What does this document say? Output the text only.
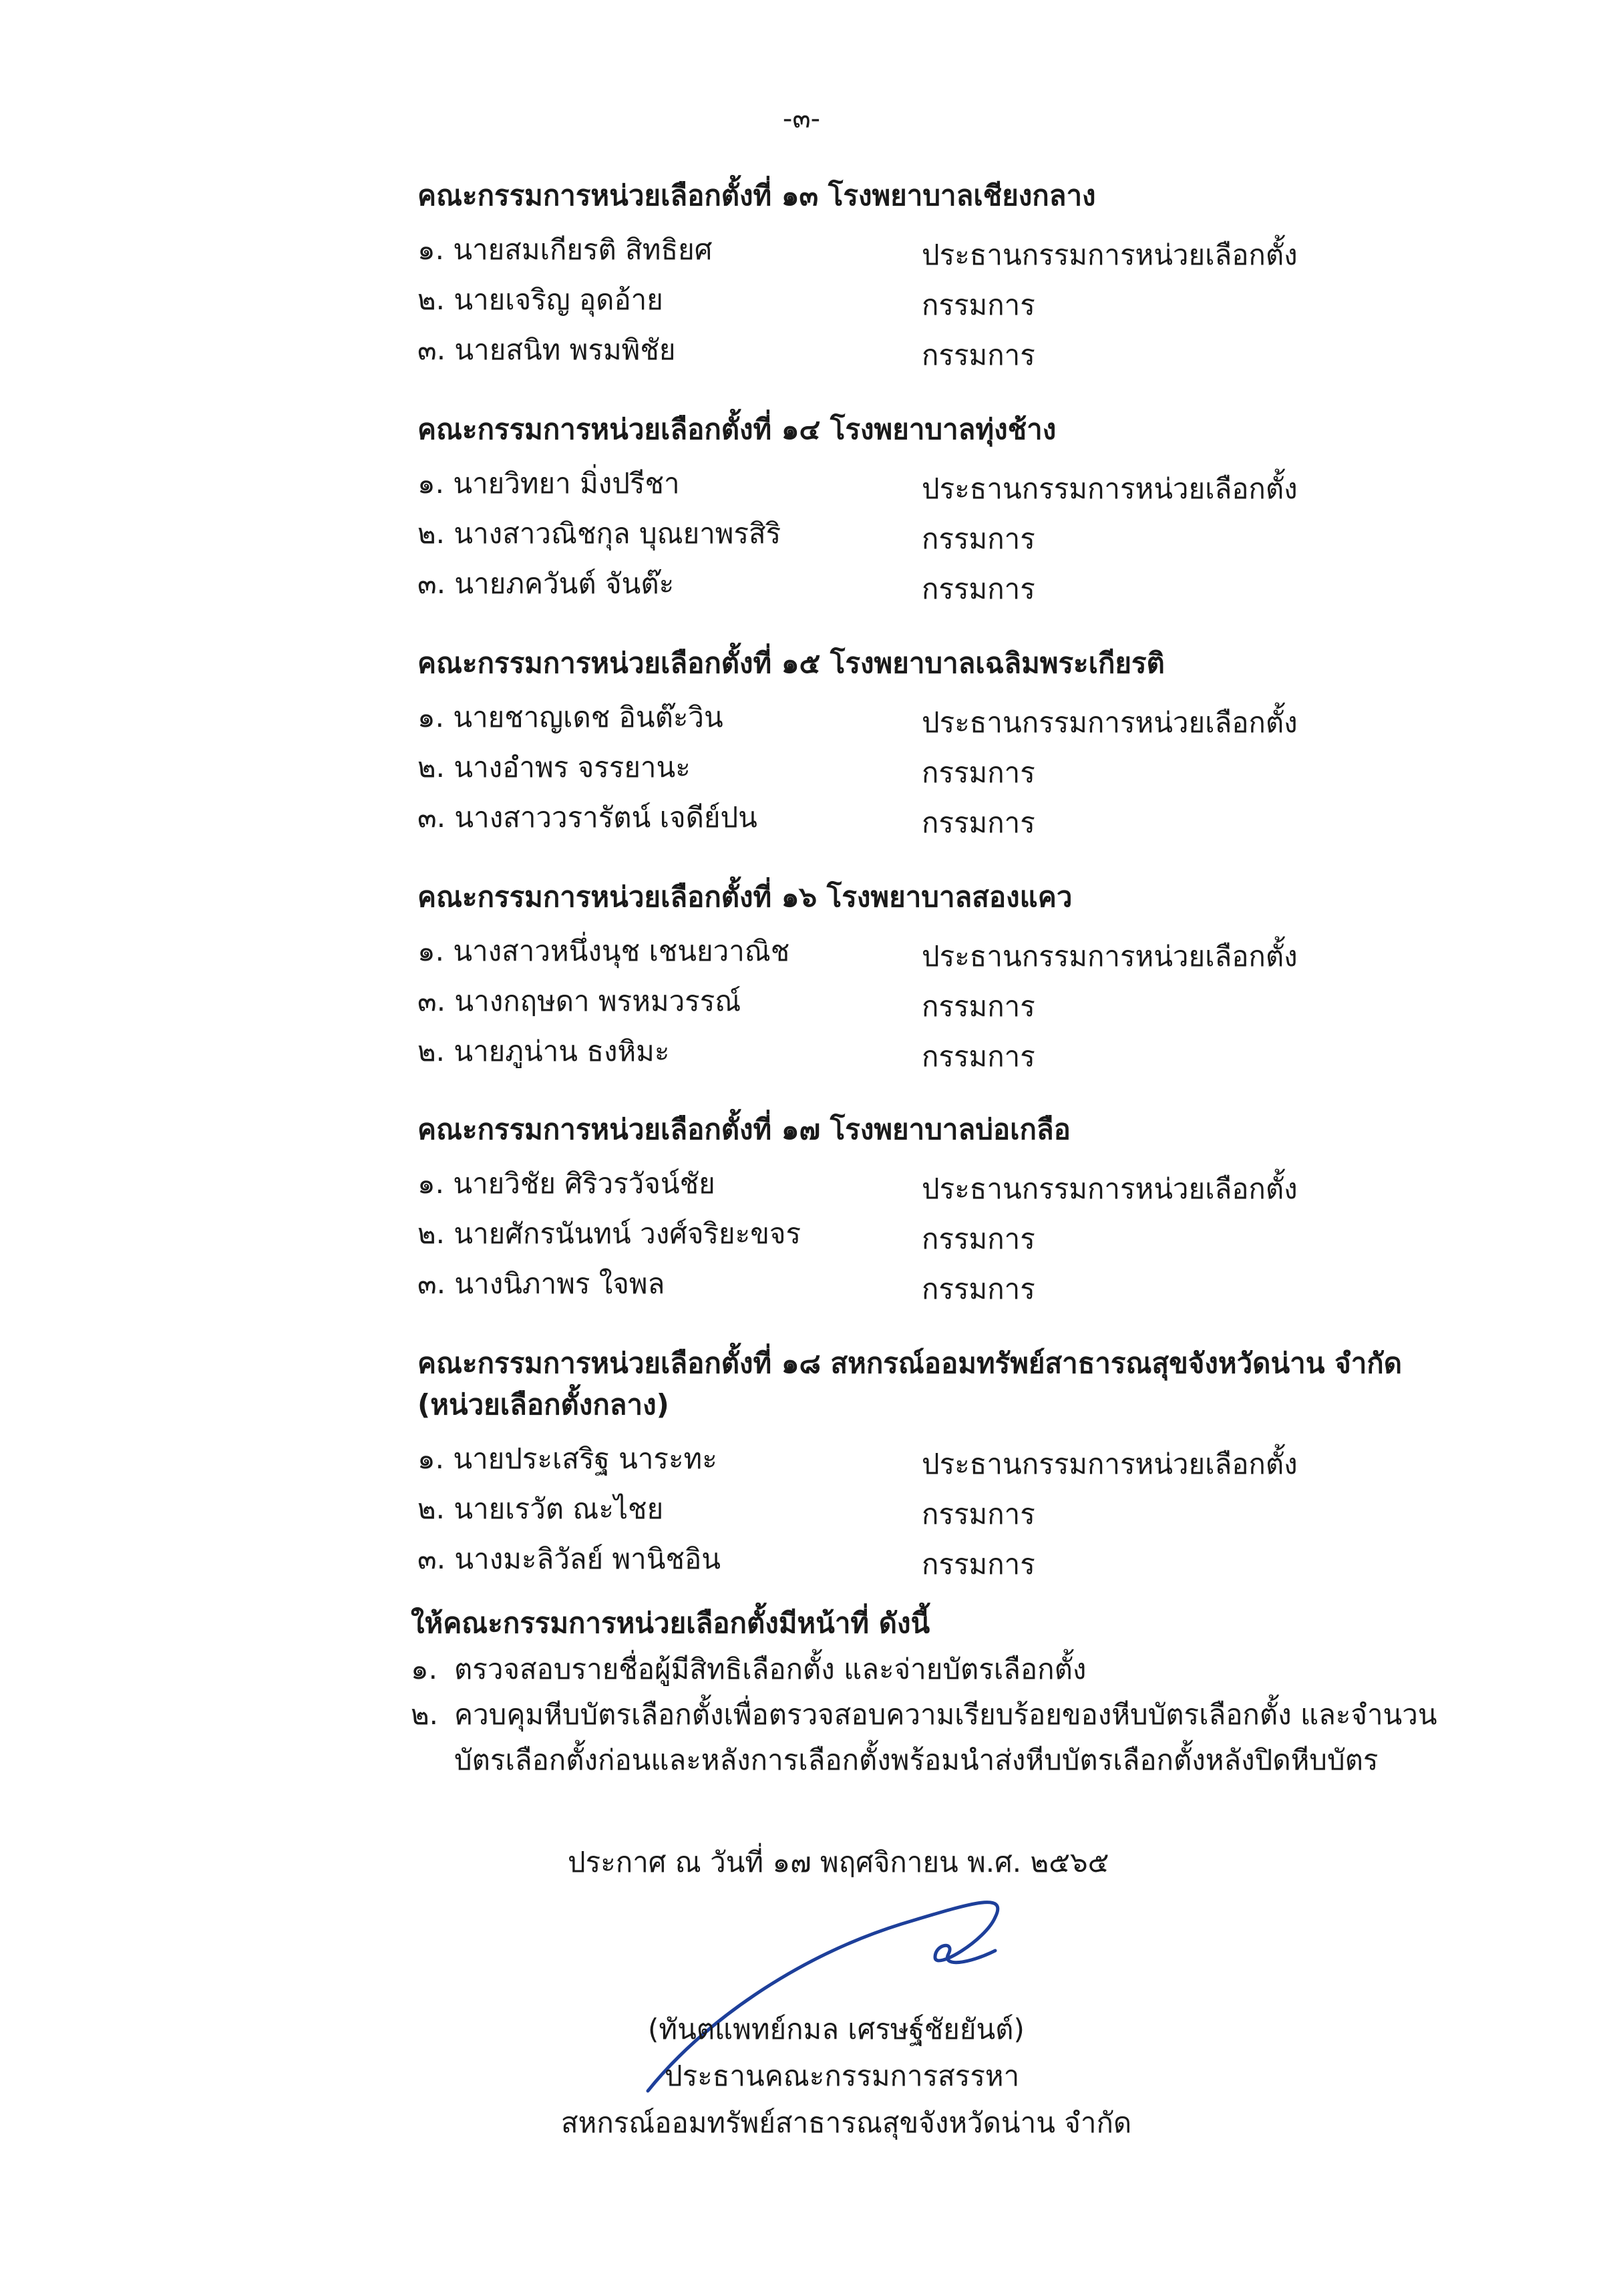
-๓-
คณะกรรมการหน่วยเลือกตั้งที่ ๑๓ โรงพยาบาลเชียงกลาง
๑. นายสมเกียรติ สิทธิยศ	ประธานกรรมการหน่วยเลือกตั้ง
๒. นายเจริญ อุดอ้าย	กรรมการ
๓. นายสนิท พรมพิชัย	กรรมการ
คณะกรรมการหน่วยเลือกตั้งที่ ๑๔ โรงพยาบาลทุ่งช้าง
๑. นายวิทยา มิ่งปรีชา	ประธานกรรมการหน่วยเลือกตั้ง
๒. นางสาวณิชกุล บุณยาพรสิริ	กรรมการ
๓. นายภควันต์ จันต๊ะ	กรรมการ
คณะกรรมการหน่วยเลือกตั้งที่ ๑๕ โรงพยาบาลเฉลิมพระเกียรติ
๑. นายชาญเดช อินต๊ะวิน	ประธานกรรมการหน่วยเลือกตั้ง
๒. นางอำพร จรรยานะ	กรรมการ
๓. นางสาววรารัตน์ เจดีย์ปน	กรรมการ
คณะกรรมการหน่วยเลือกตั้งที่ ๑๖ โรงพยาบาลสองแคว
๑. นางสาวหนึ่งนุช เชนยวาณิช	ประธานกรรมการหน่วยเลือกตั้ง
๓. นางกฤษดา พรหมวรรณ์	กรรมการ
๒. นายภูน่าน ธงหิมะ	กรรมการ
คณะกรรมการหน่วยเลือกตั้งที่ ๑๗ โรงพยาบาลบ่อเกลือ
๑. นายวิชัย ศิริวรวัจน์ชัย	ประธานกรรมการหน่วยเลือกตั้ง
๒. นายศักรนันทน์ วงศ์จริยะขจร	กรรมการ
๓. นางนิภาพร ใจพล	กรรมการ
คณะกรรมการหน่วยเลือกตั้งที่ ๑๘ สหกรณ์ออมทรัพย์สาธารณสุขจังหวัดน่าน จำกัด
(หน่วยเลือกตั้งกลาง)
๑. นายประเสริฐ นาระทะ	ประธานกรรมการหน่วยเลือกตั้ง
๒. นายเรวัต ณะไชย	กรรมการ
๓. นางมะลิวัลย์ พานิชอิน	กรรมการ
ให้คณะกรรมการหน่วยเลือกตั้งมีหน้าที่ ดังนี้
๑. ตรวจสอบรายชื่อผู้มีสิทธิเลือกตั้ง และจ่ายบัตรเลือกตั้ง
๒. ควบคุมหีบบัตรเลือกตั้งเพื่อตรวจสอบความเรียบร้อยของหีบบัตรเลือกตั้ง และจำนวนบัตรเลือกตั้งก่อนและหลังการเลือกตั้งพร้อมนำส่งหีบบัตรเลือกตั้งหลังปิดหีบบัตร
ประกาศ ณ วันที่ ๑๗ พฤศจิกายน พ.ศ. ๒๕๖๕
(ทันตแพทย์กมล เศรษฐ์ชัยยันต์)
ประธานคณะกรรมการสรรหา
สหกรณ์ออมทรัพย์สาธารณสุขจังหวัดน่าน จำกัด
